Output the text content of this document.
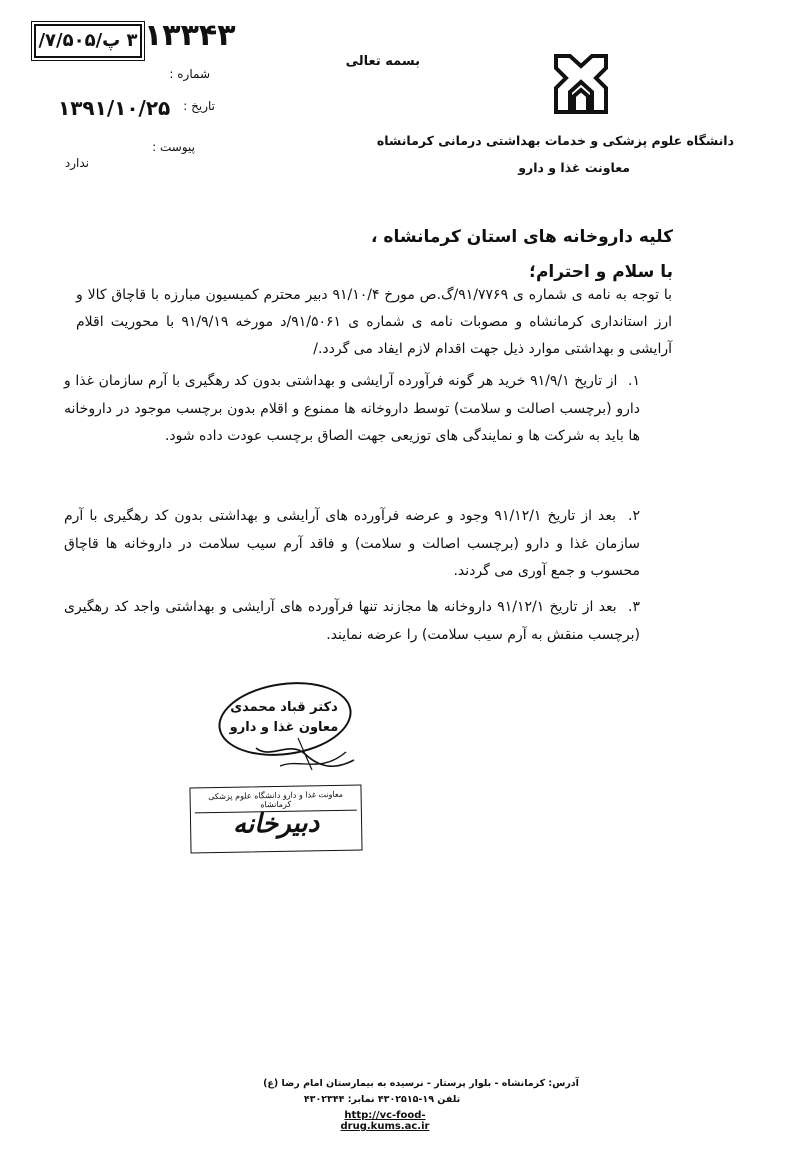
۳ پ/۷/۵۰۵/ ۱۳۳۴۳
شماره :
تاریخ :
۱۳۹۱/۱۰/۲۵
پیوست :
ندارد
بسمه تعالی
دانشگاه علوم پزشکی و خدمات بهداشتی درمانی کرمانشاه
معاونت غذا و دارو
کلیه داروخانه های استان کرمانشاه ،
با سلام و احترام؛
با توجه به نامه ی شماره ی ۹۱/۷۷۶۹/گ.ص مورخ ۹۱/۱۰/۴ دبیر محترم کمیسیون مبارزه با قاچاق کالا و ارز استانداری کرمانشاه و مصوبات نامه ی شماره ی ۹۱/۵۰۶۱/د مورخه ۹۱/۹/۱۹ با محوریت اقلام آرایشی و بهداشتی موارد ذیل جهت اقدام لازم ایفاد می گردد./
۱. از تاریخ ۹۱/۹/۱ خرید هر گونه فرآورده آرایشی و بهداشتی بدون کد رهگیری با آرم سازمان غذا و دارو (برچسب اصالت و سلامت) توسط داروخانه ها ممنوع و اقلام بدون برچسب موجود در داروخانه ها باید به شرکت ها و نمایندگی های توزیعی جهت الصاق برچسب عودت داده شود.
۲. بعد از تاریخ ۹۱/۱۲/۱ وجود و عرضه فرآورده های آرایشی و بهداشتی بدون کد رهگیری با آرم سازمان غذا و دارو (برچسب اصالت و سلامت) و فاقد آرم سیب سلامت در داروخانه ها قاچاق محسوب و جمع آوری می گردند.
۳. بعد از تاریخ ۹۱/۱۲/۱ داروخانه ها مجازند تنها فرآورده های آرایشی و بهداشتی واجد کد رهگیری (برچسب منقش به آرم سیب سلامت) را عرضه نمایند.
دکتر قباد محمدی
معاون غذا و دارو
معاونت غذا و دارو دانشگاه علوم پزشکی کرمانشاه
دبیرخانه
آدرس: کرمانشاه - بلوار پرستار - نرسیده به بیمارستان امام رضا (ع)
تلفن ۱۹-۴۳۰۲۵۱۵ نمابر: ۴۳۰۲۳۴۴
http://vc-food-drug.kums.ac.ir
